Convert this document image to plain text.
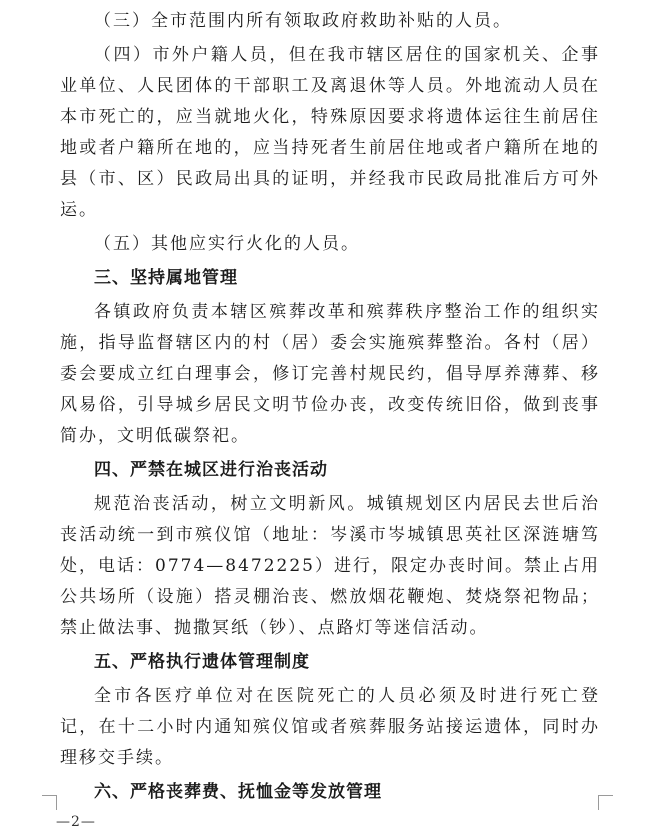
（三）全市范围内所有领取政府救助补贴的人员。

（四）市外户籍人员，但在我市辖区居住的国家机关、企事业单位、人民团体的干部职工及离退休等人员。外地流动人员在本市死亡的，应当就地火化，特殊原因要求将遗体运往生前居住地或者户籍所在地的，应当持死者生前居住地或者户籍所在地的县（市、区）民政局出具的证明，并经我市民政局批准后方可外运。

（五）其他应实行火化的人员。

三、坚持属地管理

各镇政府负责本辖区殡葬改革和殡葬秩序整治工作的组织实施，指导监督辖区内的村（居）委会实施殡葬整治。各村（居）委会要成立红白理事会，修订完善村规民约，倡导厚养薄葬、移风易俗，引导城乡居民文明节俭办丧，改变传统旧俗，做到丧事简办，文明低碳祭祀。

四、严禁在城区进行治丧活动

规范治丧活动，树立文明新风。城镇规划区内居民去世后治丧活动统一到市殡仪馆（地址：岑溪市岑城镇思英社区深涟塘笃处，电话：0774—8472225）进行，限定办丧时间。禁止占用公共场所（设施）搭灵棚治丧、燃放烟花鞭炮、焚烧祭祀物品；禁止做法事、抛撒冥纸（钞）、点路灯等迷信活动。

五、严格执行遗体管理制度

全市各医疗单位对在医院死亡的人员必须及时进行死亡登记，在十二小时内通知殡仪馆或者殡葬服务站接运遗体，同时办理移交手续。

六、严格丧葬费、抚恤金等发放管理

—2—
